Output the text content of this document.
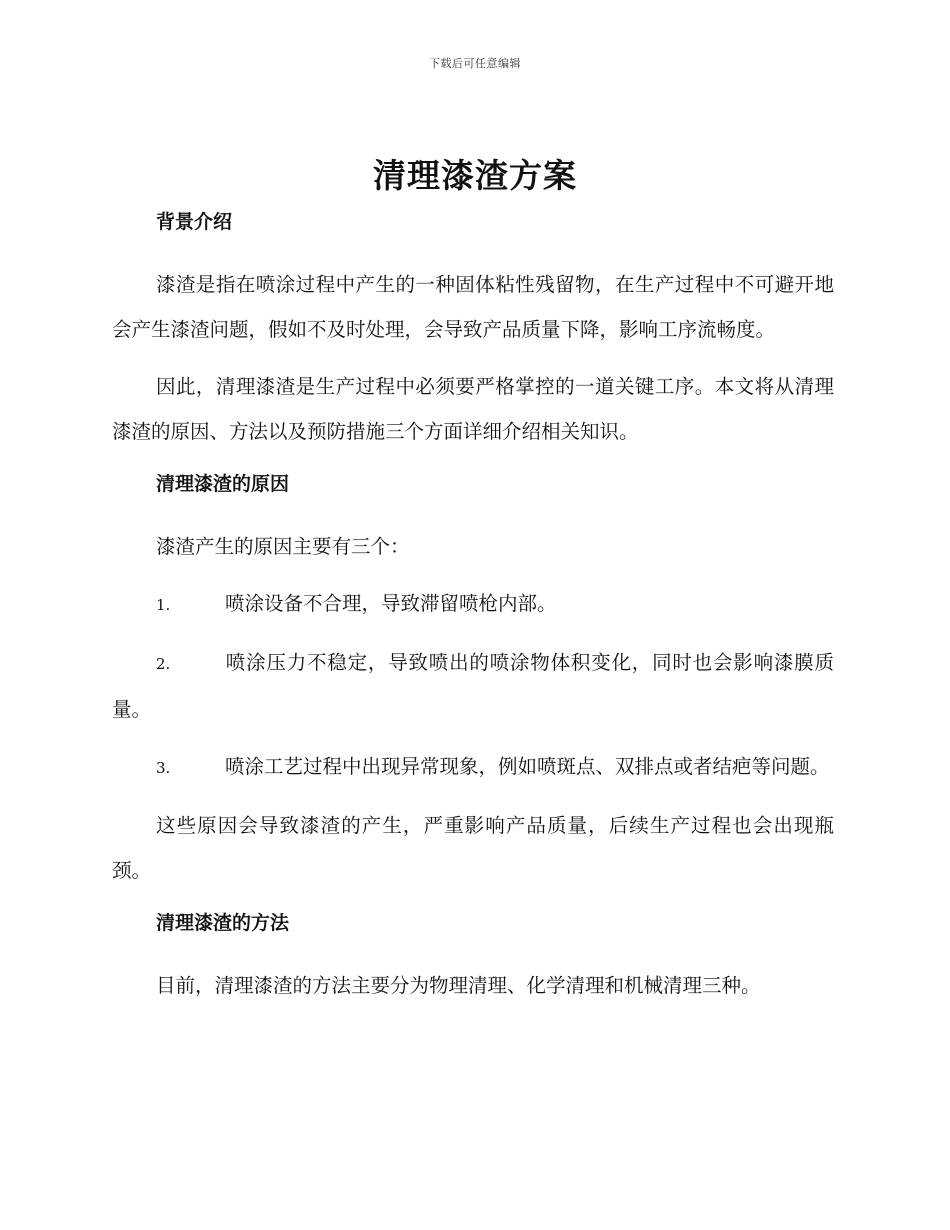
下载后可任意编辑
清理漆渣方案
背景介绍

漆渣是指在喷涂过程中产生的一种固体粘性残留物，在生产过程中不可避开地会产生漆渣问题，假如不及时处理，会导致产品质量下降，影响工序流畅度。

因此，清理漆渣是生产过程中必须要严格掌控的一道关键工序。本文将从清理漆渣的原因、方法以及预防措施三个方面详细介绍相关知识。

清理漆渣的原因

漆渣产生的原因主要有三个：

1.	喷涂设备不合理，导致滞留喷枪内部。

2.	喷涂压力不稳定，导致喷出的喷涂物体积变化，同时也会影响漆膜质量。

3.	喷涂工艺过程中出现异常现象，例如喷斑点、双排点或者结疤等问题。

这些原因会导致漆渣的产生，严重影响产品质量，后续生产过程也会出现瓶颈。

清理漆渣的方法

目前，清理漆渣的方法主要分为物理清理、化学清理和机械清理三种。
